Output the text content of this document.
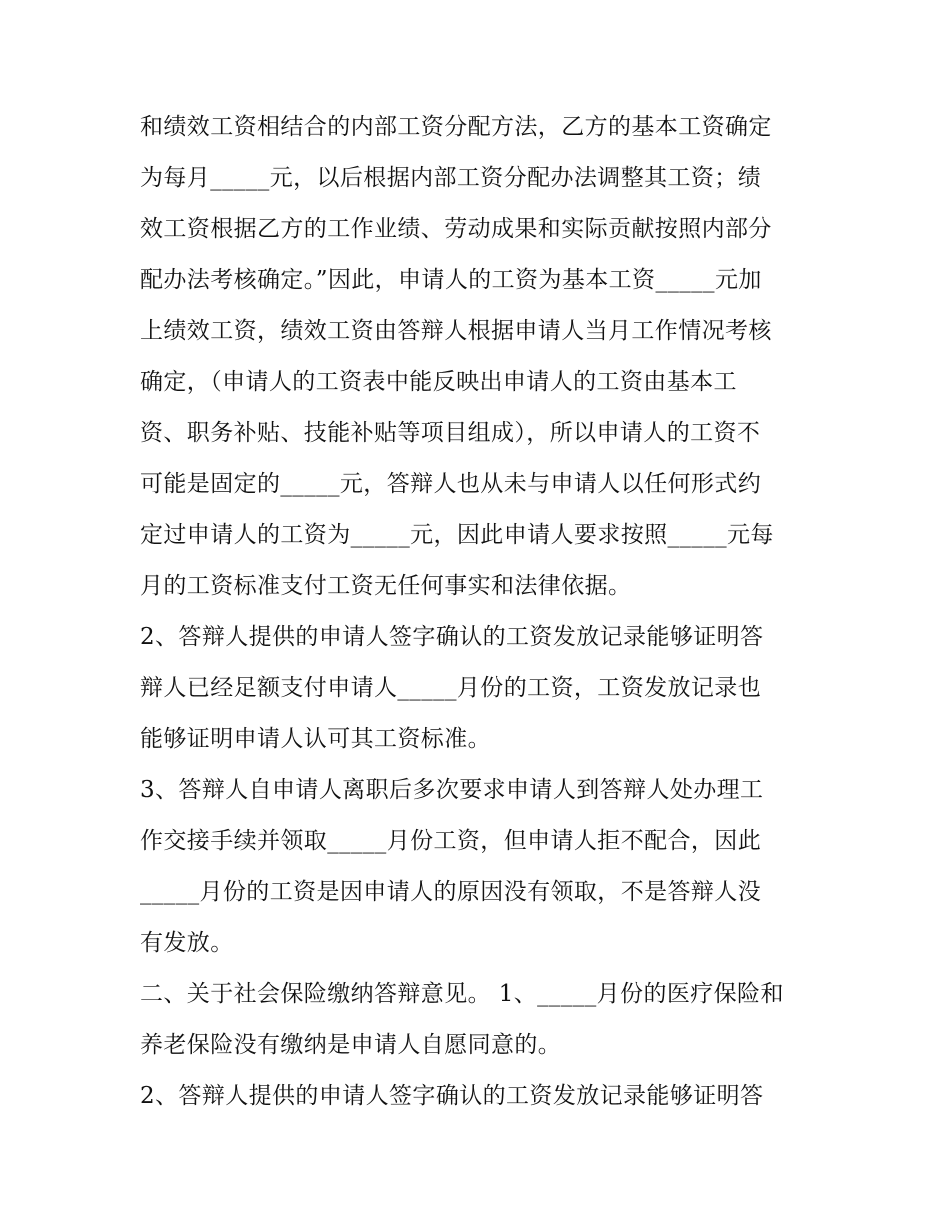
和绩效工资相结合的内部工资分配方法，乙方的基本工资确定
为每月_____元，以后根据内部工资分配办法调整其工资；绩
效工资根据乙方的工作业绩、劳动成果和实际贡献按照内部分
配办法考核确定。”因此，申请人的工资为基本工资_____元加
上绩效工资，绩效工资由答辩人根据申请人当月工作情况考核
确定，（申请人的工资表中能反映出申请人的工资由基本工
资、职务补贴、技能补贴等项目组成），所以申请人的工资不
可能是固定的_____元，答辩人也从未与申请人以任何形式约
定过申请人的工资为_____元，因此申请人要求按照_____元每
月的工资标准支付工资无任何事实和法律依据。
2、答辩人提供的申请人签字确认的工资发放记录能够证明答
辩人已经足额支付申请人_____月份的工资，工资发放记录也
能够证明申请人认可其工资标准。
3、答辩人自申请人离职后多次要求申请人到答辩人处办理工
作交接手续并领取_____月份工资，但申请人拒不配合，因此
_____月份的工资是因申请人的原因没有领取，不是答辩人没
有发放。
二、关于社会保险缴纳答辩意见。 1、_____月份的医疗保险和
养老保险没有缴纳是申请人自愿同意的。
2、答辩人提供的申请人签字确认的工资发放记录能够证明答
